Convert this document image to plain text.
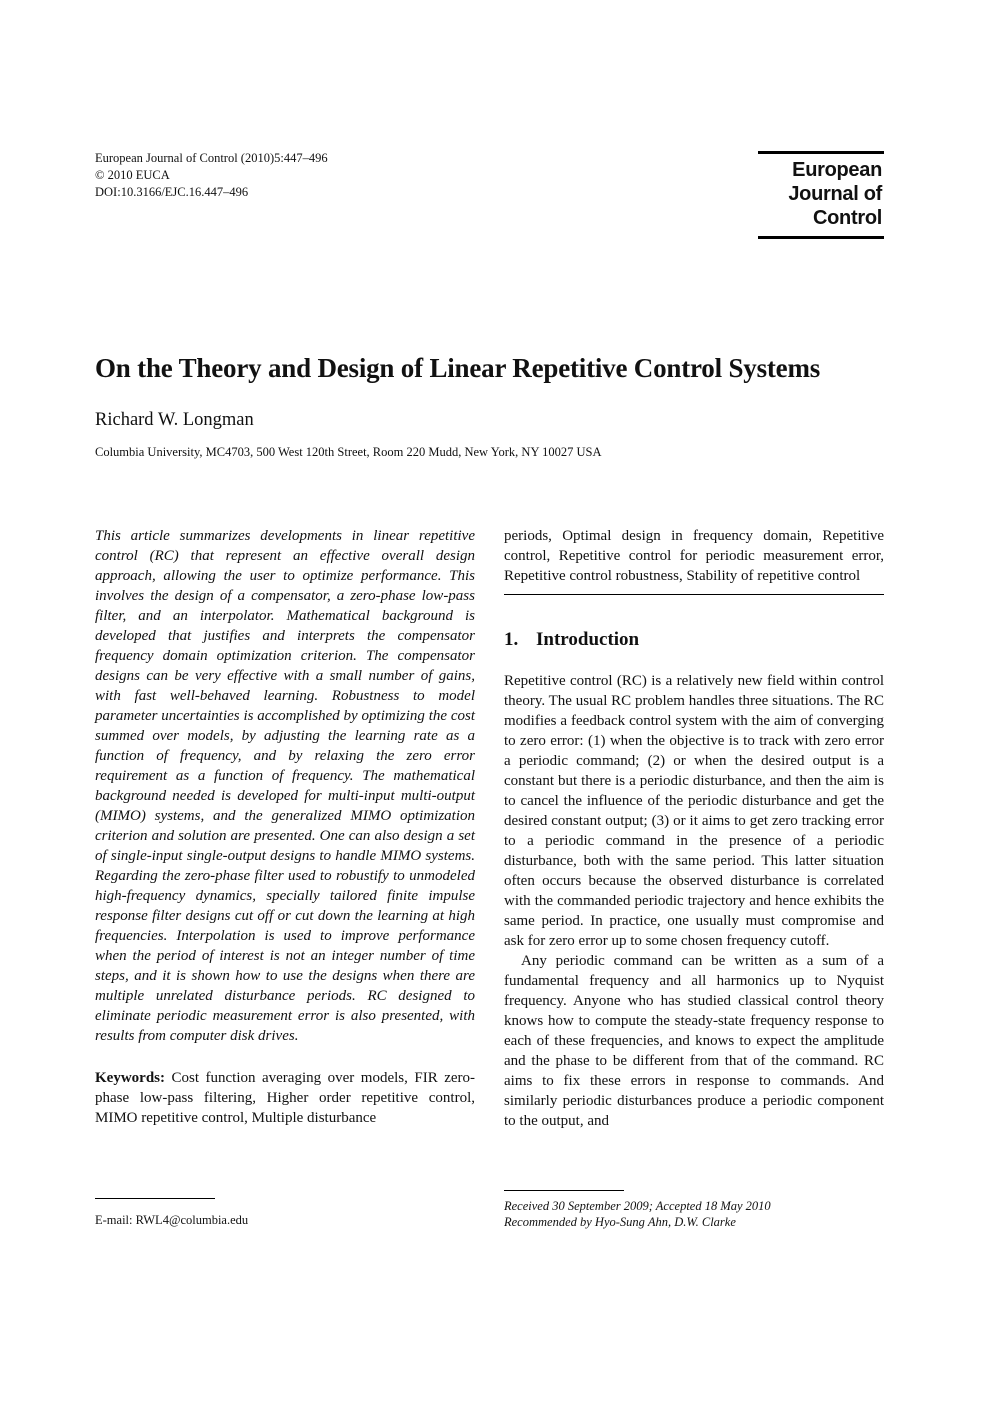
European Journal of Control (2010)5:447–496
© 2010 EUCA
DOI:10.3166/EJC.16.447–496
European
Journal of
Control
On the Theory and Design of Linear Repetitive Control Systems
Richard W. Longman
Columbia University, MC4703, 500 West 120th Street, Room 220 Mudd, New York, NY 10027 USA

This article summarizes developments in linear repetitive control (RC) that represent an effective overall design approach, allowing the user to optimize performance. This involves the design of a compensator, a zero-phase low-pass filter, and an interpolator. Mathematical background is developed that justifies and interprets the compensator frequency domain optimization criterion. The compensator designs can be very effective with a small number of gains, with fast well-behaved learning. Robustness to model parameter uncertainties is accomplished by optimizing the cost summed over models, by adjusting the learning rate as a function of frequency, and by relaxing the zero error requirement as a function of frequency. The mathematical background needed is developed for multi-input multi-output (MIMO) systems, and the generalized MIMO optimization criterion and solution are presented. One can also design a set of single-input single-output designs to handle MIMO systems. Regarding the zero-phase filter used to robustify to unmodeled high-frequency dynamics, specially tailored finite impulse response filter designs cut off or cut down the learning at high frequencies. Interpolation is used to improve performance when the period of interest is not an integer number of time steps, and it is shown how to use the designs when there are multiple unrelated disturbance periods. RC designed to eliminate periodic measurement error is also presented, with results from computer disk drives.

Keywords: Cost function averaging over models, FIR zero-phase low-pass filtering, Higher order repetitive control, MIMO repetitive control, Multiple disturbance

E-mail: RWL4@columbia.edu

periods, Optimal design in frequency domain, Repetitive control, Repetitive control for periodic measurement error, Repetitive control robustness, Stability of repetitive control

1. Introduction

Repetitive control (RC) is a relatively new field within control theory. The usual RC problem handles three situations. The RC modifies a feedback control system with the aim of converging to zero error: (1) when the objective is to track with zero error a periodic command; (2) or when the desired output is a constant but there is a periodic disturbance, and then the aim is to cancel the influence of the periodic disturbance and get the desired constant output; (3) or it aims to get zero tracking error to a periodic command in the presence of a periodic disturbance, both with the same period. This latter situation often occurs because the observed disturbance is correlated with the commanded periodic trajectory and hence exhibits the same period. In practice, one usually must compromise and ask for zero error up to some chosen frequency cutoff.

Any periodic command can be written as a sum of a fundamental frequency and all harmonics up to Nyquist frequency. Anyone who has studied classical control theory knows how to compute the steady-state frequency response to each of these frequencies, and knows to expect the amplitude and the phase to be different from that of the command. RC aims to fix these errors in response to commands. And similarly periodic disturbances produce a periodic component to the output, and

Received 30 September 2009; Accepted 18 May 2010
Recommended by Hyo-Sung Ahn, D.W. Clarke
